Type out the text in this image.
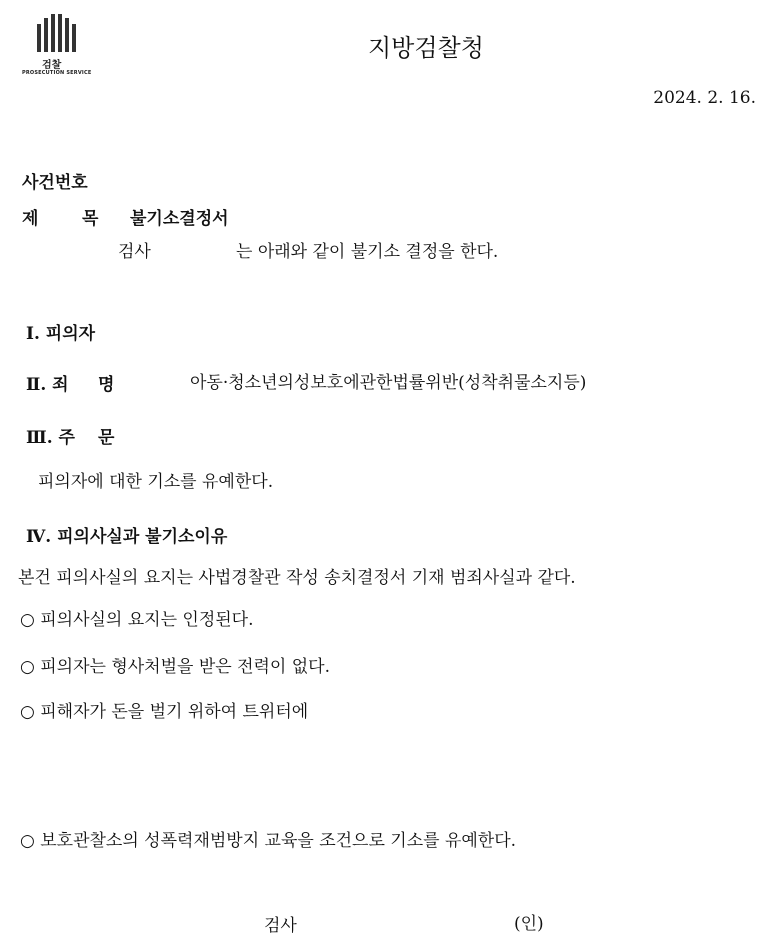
검찰
PROSECUTION SERVICE
지방검찰청
2024. 2. 16.
사건번호
제	목 불기소결정서
검사	는 아래와 같이 불기소 결정을 한다.
Ⅰ. 피의자
Ⅱ. 죄 명	아동·청소년의성보호에관한법률위반(성착취물소지등)
Ⅲ. 주 문
피의자에 대한 기소를 유예한다.
Ⅳ. 피의사실과 불기소이유
본건 피의사실의 요지는 사법경찰관 작성 송치결정서 기재 범죄사실과 같다.
○ 피의사실의 요지는 인정된다.
○ 피의자는 형사처벌을 받은 전력이 없다.
○ 피해자가 돈을 벌기 위하여 트위터에
○ 보호관찰소의 성폭력재범방지 교육을 조건으로 기소를 유예한다.
검사	(인)
